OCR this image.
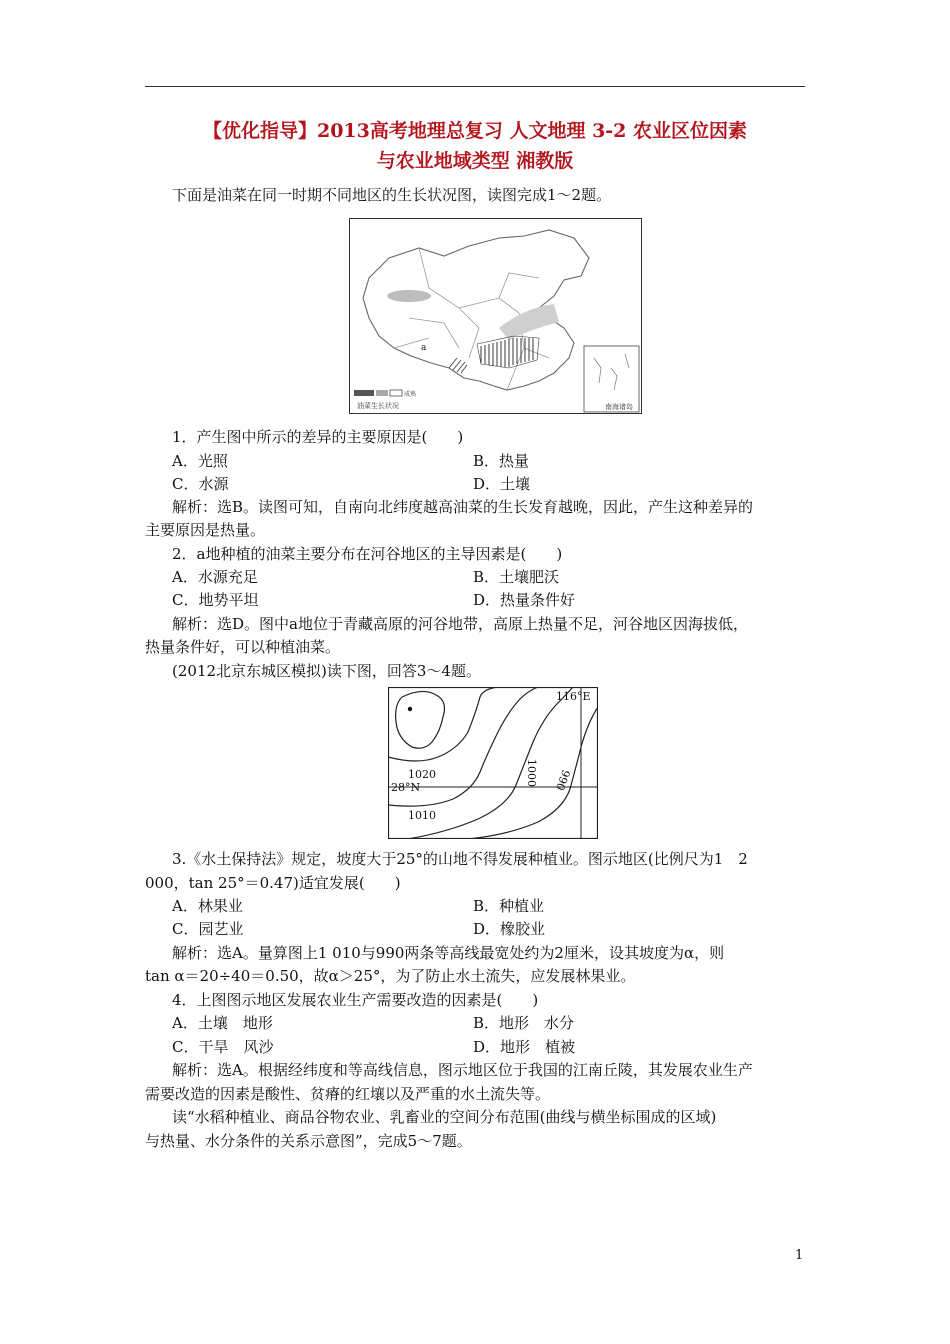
【优化指导】2013高考地理总复习 人文地理 3-2 农业区位因素
与农业地域类型 湘教版
下面是油菜在同一时期不同地区的生长状况图，读图完成1～2题。
a
南海诸岛
成熟
油菜生长状况
1．产生图中所示的差异的主要原因是(　　)
A．光照	B．热量
C．水源	D．土壤
解析：选B。读图可知，自南向北纬度越高油菜的生长发育越晚，因此，产生这种差异的
主要原因是热量。
2．a地种植的油菜主要分布在河谷地区的主导因素是(　　)
A．水源充足	B．土壤肥沃
C．地势平坦	D．热量条件好
解析：选D。图中a地位于青藏高原的河谷地带，高原上热量不足，河谷地区因海拔低，
热量条件好，可以种植油菜。
(2012北京东城区模拟)读下图，回答3～4题。
116°E
28°N
1020
1010
1000 990
3.《水土保持法》规定，坡度大于25°的山地不得发展种植业。图示地区(比例尺为1　2
000，tan 25°＝0.47)适宜发展(　　)
A．林果业	B．种植业
C．园艺业	D．橡胶业
解析：选A。量算图上1 010与990两条等高线最宽处约为2厘米，设其坡度为α，则
tan α＝20÷40＝0.50，故α＞25°，为了防止水土流失，应发展林果业。
4．上图图示地区发展农业生产需要改造的因素是(　　)
A．土壤　地形	B．地形　水分
C．干旱　风沙	D．地形　植被
解析：选A。根据经纬度和等高线信息，图示地区位于我国的江南丘陵，其发展农业生产
需要改造的因素是酸性、贫瘠的红壤以及严重的水土流失等。
读“水稻种植业、商品谷物农业、乳畜业的空间分布范围(曲线与横坐标围成的区域)
与热量、水分条件的关系示意图”，完成5～7题。
1
